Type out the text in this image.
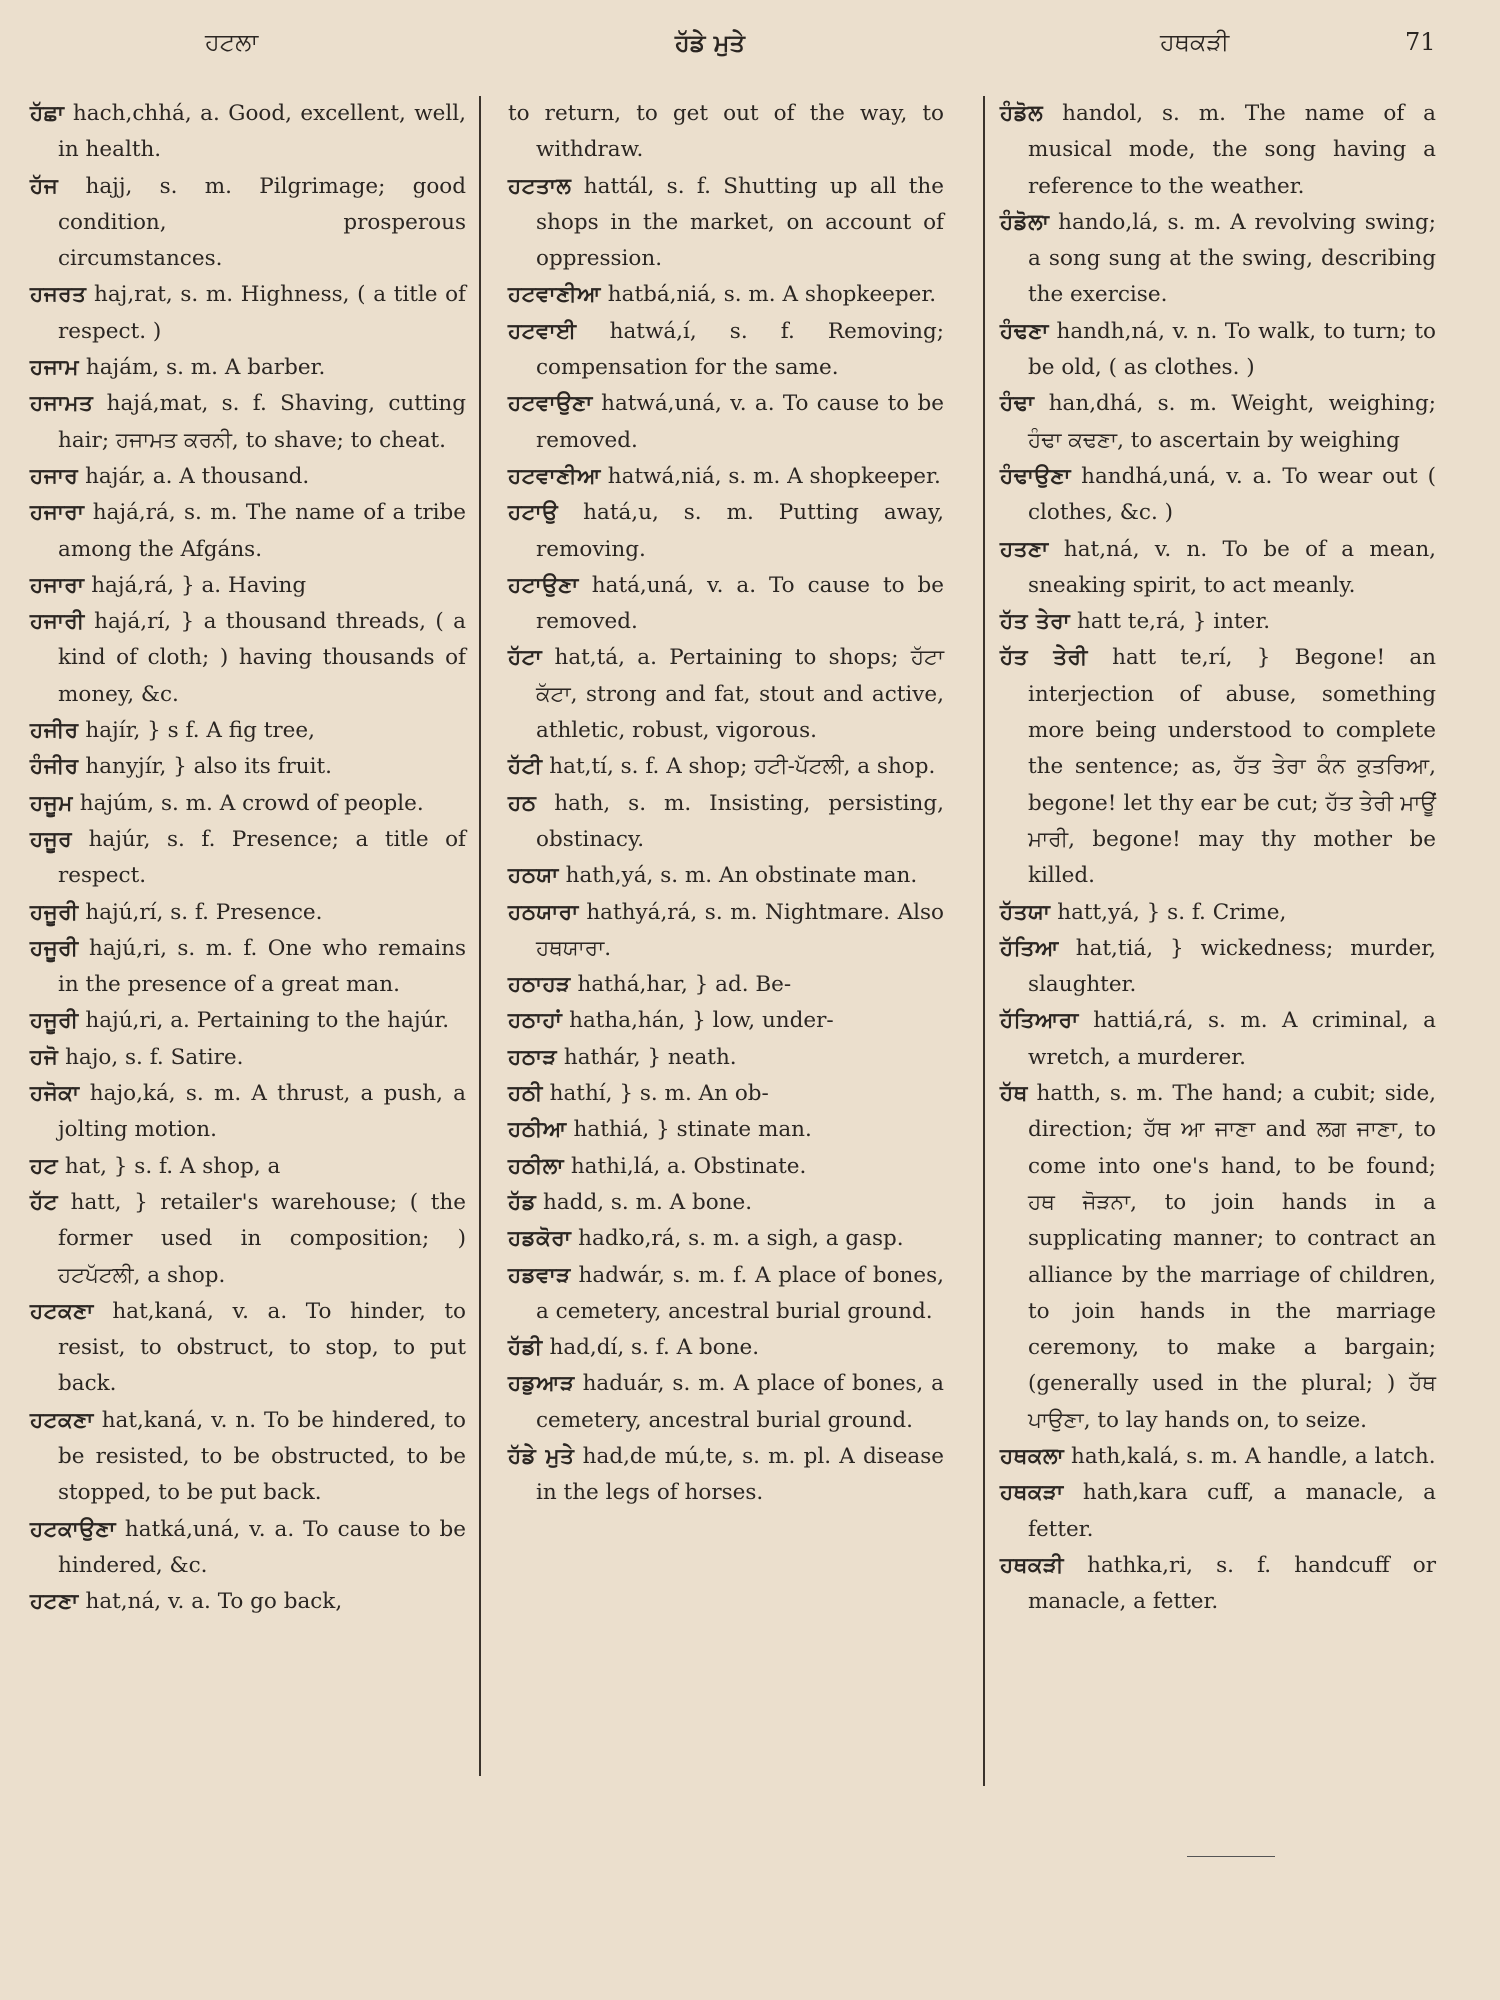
ਹਟਲਾ	ਹੱਡੇ ਮੁਤੇ	ਹਥਕੜੀ	71
ਹੱਛਾ hach,chhá, a. Good, excellent, well, in health.
ਹੱਜ hajj, s. m. Pilgrimage; good condition, prosperous circumstances.
ਹਜਰਤ haj,rat, s. m. Highness, ( a title of respect. )
ਹਜਾਮ hajám, s. m. A barber.
ਹਜਾਮਤ hajá,mat, s. f. Shaving, cutting hair; ਹਜਾਮਤ ਕਰਨੀ, to shave; to cheat.
ਹਜਾਰ hajár, a. A thousand.
ਹਜਾਰਾ hajá,rá, s. m. The name of a tribe among the Afgáns.
ਹਜਾਰਾ hajá,rá, } a. Having
ਹਜਾਰੀ hajá,rí, } a thousand threads, ( a kind of cloth; ) having thousands of money, &c.
ਹਜੀਰ hajír, } s f. A fig tree,
ਹੰਜੀਰ hanyjír, } also its fruit.
ਹਜੂਮ hajúm, s. m. A crowd of people.
ਹਜੂਰ hajúr, s. f. Presence; a title of respect.
ਹਜੂਰੀ hajú,rí, s. f. Presence.
ਹਜੂਰੀ hajú,ri, s. m. f. One who remains in the presence of a great man.
ਹਜੂਰੀ hajú,ri, a. Pertaining to the hajúr.
ਹਜੋ hajo, s. f. Satire.
ਹਜੋਕਾ hajo,ká, s. m. A thrust, a push, a jolting motion.
ਹਟ hat, } s. f. A shop, a
ਹੱਟ hatt, } retailer's warehouse; ( the former used in composition; ) ਹਟਪੱਟਲੀ, a shop.
ਹਟਕਣਾ hat,kaná, v. a. To hinder, to resist, to obstruct, to stop, to put back.
ਹਟਕਣਾ hat,kaná, v. n. To be hindered, to be resisted, to be obstructed, to be stopped, to be put back.
ਹਟਕਾਉਣਾ hatká,uná, v. a. To cause to be hindered, &c.
ਹਟਣਾ hat,ná, v. a. To go back,
to return, to get out of the way, to withdraw.
ਹਟਤਾਲ hattál, s. f. Shutting up all the shops in the market, on account of oppression.
ਹਟਵਾਣੀਆ hatbá,niá, s. m. A shopkeeper.
ਹਟਵਾਈ hatwá,í, s. f. Removing; compensation for the same.
ਹਟਵਾਉਣਾ hatwá,uná, v. a. To cause to be removed.
ਹਟਵਾਣੀਆ hatwá,niá, s. m. A shopkeeper.
ਹਟਾਉ hatá,u, s. m. Putting away, removing.
ਹਟਾਉਣਾ hatá,uná, v. a. To cause to be removed.
ਹੱਟਾ hat,tá, a. Pertaining to shops; ਹੱਟਾ ਕੱਟਾ, strong and fat, stout and active, athletic, robust, vigorous.
ਹੱਟੀ hat,tí, s. f. A shop; ਹਟੀ-ਪੱਟਲੀ, a shop.
ਹਠ hath, s. m. Insisting, persisting, obstinacy.
ਹਠਯਾ hath,yá, s. m. An obstinate man.
ਹਠਯਾਰਾ hathyá,rá, s. m. Nightmare. Also ਹਥਯਾਰਾ.
ਹਠਾਹੜ hathá,har, } ad. Be-
ਹਠਾਹਾਂ hatha,hán, } low, under-
ਹਠਾੜ hathár, } neath.
ਹਠੀ hathí, } s. m. An ob-
ਹਠੀਆ hathiá, } stinate man.
ਹਠੀਲਾ hathi,lá, a. Obstinate.
ਹੱਡ hadd, s. m. A bone.
ਹਡਕੋਰਾ hadko,rá, s. m. a sigh, a gasp.
ਹਡਵਾੜ hadwár, s. m. f. A place of bones, a cemetery, ancestral burial ground.
ਹੱਡੀ had,dí, s. f. A bone.
ਹਡੁਆੜ haduár, s. m. A place of bones, a cemetery, ancestral burial ground.
ਹੱਡੇ ਮੁਤੇ had,de mú,te, s. m. pl. A disease in the legs of horses.
ਹੰਡੋਲ handol, s. m. The name of a musical mode, the song having a reference to the weather.
ਹੰਡੋਲਾ hando,lá, s. m. A revolving swing; a song sung at the swing, describing the exercise.
ਹੰਢਣਾ handh,ná, v. n. To walk, to turn; to be old, ( as clothes. )
ਹੰਢਾ han,dhá, s. m. Weight, weighing; ਹੰਢਾ ਕਢਣਾ, to ascertain by weighing
ਹੰਢਾਉਣਾ handhá,uná, v. a. To wear out ( clothes, &c. )
ਹਤਣਾ hat,ná, v. n. To be of a mean, sneaking spirit, to act meanly.
ਹੱਤ ਤੇਰਾ hatt te,rá, } inter.
ਹੱਤ ਤੇਰੀ hatt te,rí, } Begone! an interjection of abuse, something more being understood to complete the sentence; as, ਹੱਤ ਤੇਰਾ ਕੰਨ ਕੁਤਰਿਆ, begone! let thy ear be cut; ਹੱਤ ਤੇਰੀ ਮਾਊਂ ਮਾਰੀ, begone! may thy mother be killed.
ਹੱਤਯਾ hatt,yá, } s. f. Crime,
ਹੱਤਿਆ hat,tiá, } wickedness; murder, slaughter.
ਹੱਤਿਆਰਾ hattiá,rá, s. m. A criminal, a wretch, a murderer.
ਹੱਥ hatth, s. m. The hand; a cubit; side, direction; ਹੱਥ ਆ ਜਾਣਾ and ਲਗ ਜਾਣਾ, to come into one's hand, to be found; ਹਥ ਜੋੜਨਾ, to join hands in a supplicating manner; to contract an alliance by the marriage of children, to join hands in the marriage ceremony, to make a bargain; (generally used in the plural; ) ਹੱਥ ਪਾਉਣਾ, to lay hands on, to seize.
ਹਥਕਲਾ hath,kalá, s. m. A handle, a latch.
ਹਥਕੜਾ hath,kara cuff, a manacle, a fetter.
ਹਥਕੜੀ hathka,ri, s. f. handcuff or manacle, a fetter.
